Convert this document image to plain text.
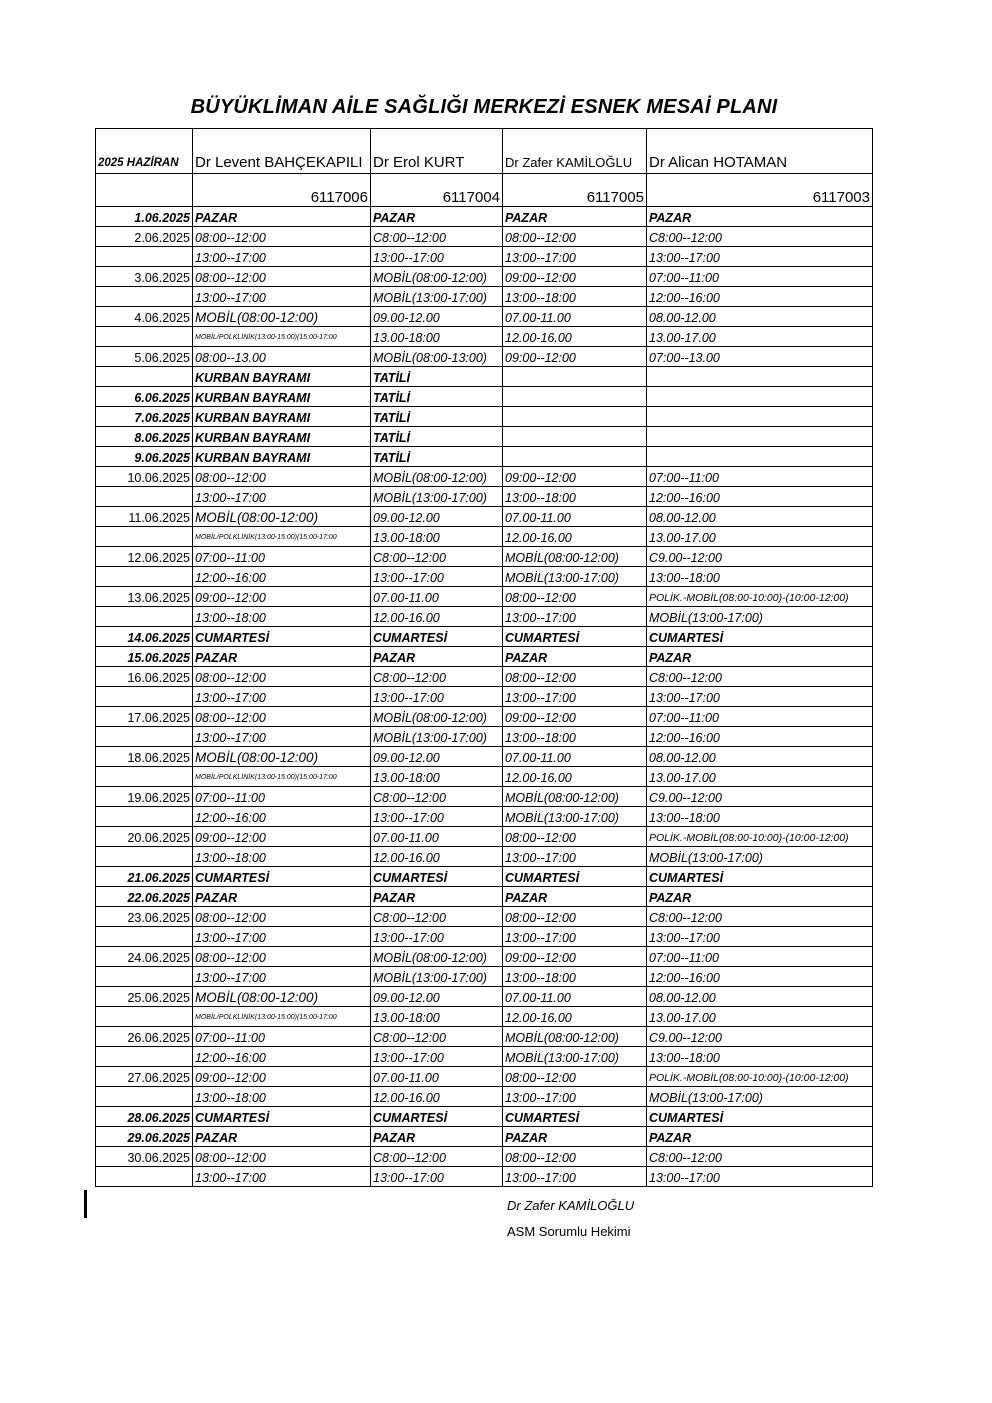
BÜYÜKLİMAN AİLE SAĞLIĞI MERKEZİ ESNEK MESAİ PLANI
2025 HAZİRAN	Dr Levent BAHÇEKAPILI	Dr Erol KURT	Dr Zafer KAMİLOĞLU	Dr Alican HOTAMAN
	6117006	6117004	6117005	6117003
1.06.2025	PAZAR	PAZAR	PAZAR	PAZAR
2.06.2025	08:00--12:00	C8:00--12:00	08:00--12:00	C8:00--12:00
	13:00--17:00	13:00--17:00	13:00--17:00	13:00--17:00
3.06.2025	08:00--12:00	MOBİL(08:00-12:00)	09:00--12:00	07:00--11:00
	13:00--17:00	MOBİL(13:00-17:00)	13:00--18:00	12:00--16:00
4.06.2025	MOBİL(08:00-12:00)	09.00-12.00	07.00-11.00	08.00-12.00
	MOBİL/POLKLİNİK(13:00-15:00)(15:00-17:00	13.00-18:00	12.00-16.00	13.00-17.00
5.06.2025	08:00--13.00	MOBİL(08:00-13:00)	09:00--12:00	07:00--13.00
	KURBAN BAYRAMI	TATİLİ		
6.06.2025	KURBAN BAYRAMI	TATİLİ		
7.06.2025	KURBAN BAYRAMI	TATİLİ		
8.06.2025	KURBAN BAYRAMI	TATİLİ		
9.06.2025	KURBAN BAYRAMI	TATİLİ		
10.06.2025	08:00--12:00	MOBİL(08:00-12:00)	09:00--12:00	07:00--11:00
	13:00--17:00	MOBİL(13:00-17:00)	13:00--18:00	12:00--16:00
11.06.2025	MOBİL(08:00-12:00)	09.00-12.00	07.00-11.00	08.00-12.00
	MOBİL/POLKLİNİK(13:00-15:00)(15:00-17:00	13.00-18:00	12.00-16.00	13.00-17.00
12.06.2025	07:00--11:00	C8:00--12:00	MOBİL(08:00-12:00)	C9.00--12:00
	12:00--16:00	13:00--17:00	MOBİL(13:00-17:00)	13:00--18:00
13.06.2025	09:00--12:00	07.00-11.00	08:00--12:00	POLİK.-MOBİL(08:00-10:00)-(10:00-12:00)
	13:00--18:00	12.00-16.00	13:00--17:00	MOBİL(13:00-17:00)
14.06.2025	CUMARTESİ	CUMARTESİ	CUMARTESİ	CUMARTESİ
15.06.2025	PAZAR	PAZAR	PAZAR	PAZAR
16.06.2025	08:00--12:00	C8:00--12:00	08:00--12:00	C8:00--12:00
	13:00--17:00	13:00--17:00	13:00--17:00	13:00--17:00
17.06.2025	08:00--12:00	MOBİL(08:00-12:00)	09:00--12:00	07:00--11:00
	13:00--17:00	MOBİL(13:00-17:00)	13:00--18:00	12:00--16:00
18.06.2025	MOBİL(08:00-12:00)	09.00-12.00	07.00-11.00	08.00-12.00
	MOBİL/POLKLİNİK(13:00-15:00)(15:00-17:00	13.00-18:00	12.00-16.00	13.00-17.00
19.06.2025	07:00--11:00	C8:00--12:00	MOBİL(08:00-12:00)	C9.00--12:00
	12:00--16:00	13:00--17:00	MOBİL(13:00-17:00)	13:00--18:00
20.06.2025	09:00--12:00	07.00-11.00	08:00--12:00	POLİK.-MOBİL(08:00-10:00)-(10:00-12:00)
	13:00--18:00	12.00-16.00	13:00--17:00	MOBİL(13:00-17:00)
21.06.2025	CUMARTESİ	CUMARTESİ	CUMARTESİ	CUMARTESİ
22.06.2025	PAZAR	PAZAR	PAZAR	PAZAR
23.06.2025	08:00--12:00	C8:00--12:00	08:00--12:00	C8:00--12:00
	13:00--17:00	13:00--17:00	13:00--17:00	13:00--17:00
24.06.2025	08:00--12:00	MOBİL(08:00-12:00)	09:00--12:00	07:00--11:00
	13:00--17:00	MOBİL(13:00-17:00)	13:00--18:00	12:00--16:00
25.06.2025	MOBİL(08:00-12:00)	09.00-12.00	07.00-11.00	08.00-12.00
	MOBİL/POLKLİNİK(13:00-15:00)(15:00-17:00	13.00-18:00	12.00-16.00	13.00-17.00
26.06.2025	07:00--11:00	C8:00--12:00	MOBİL(08:00-12:00)	C9.00--12:00
	12:00--16:00	13:00--17:00	MOBİL(13:00-17:00)	13:00--18:00
27.06.2025	09:00--12:00	07.00-11.00	08:00--12:00	POLİK.-MOBİL(08:00-10:00)-(10:00-12:00)
	13:00--18:00	12.00-16.00	13:00--17:00	MOBİL(13:00-17:00)
28.06.2025	CUMARTESİ	CUMARTESİ	CUMARTESİ	CUMARTESİ
29.06.2025	PAZAR	PAZAR	PAZAR	PAZAR
30.06.2025	08:00--12:00	C8:00--12:00	08:00--12:00	C8:00--12:00
	13:00--17:00	13:00--17:00	13:00--17:00	13:00--17:00
Dr Zafer KAMİLOĞLU
ASM Sorumlu Hekimi
